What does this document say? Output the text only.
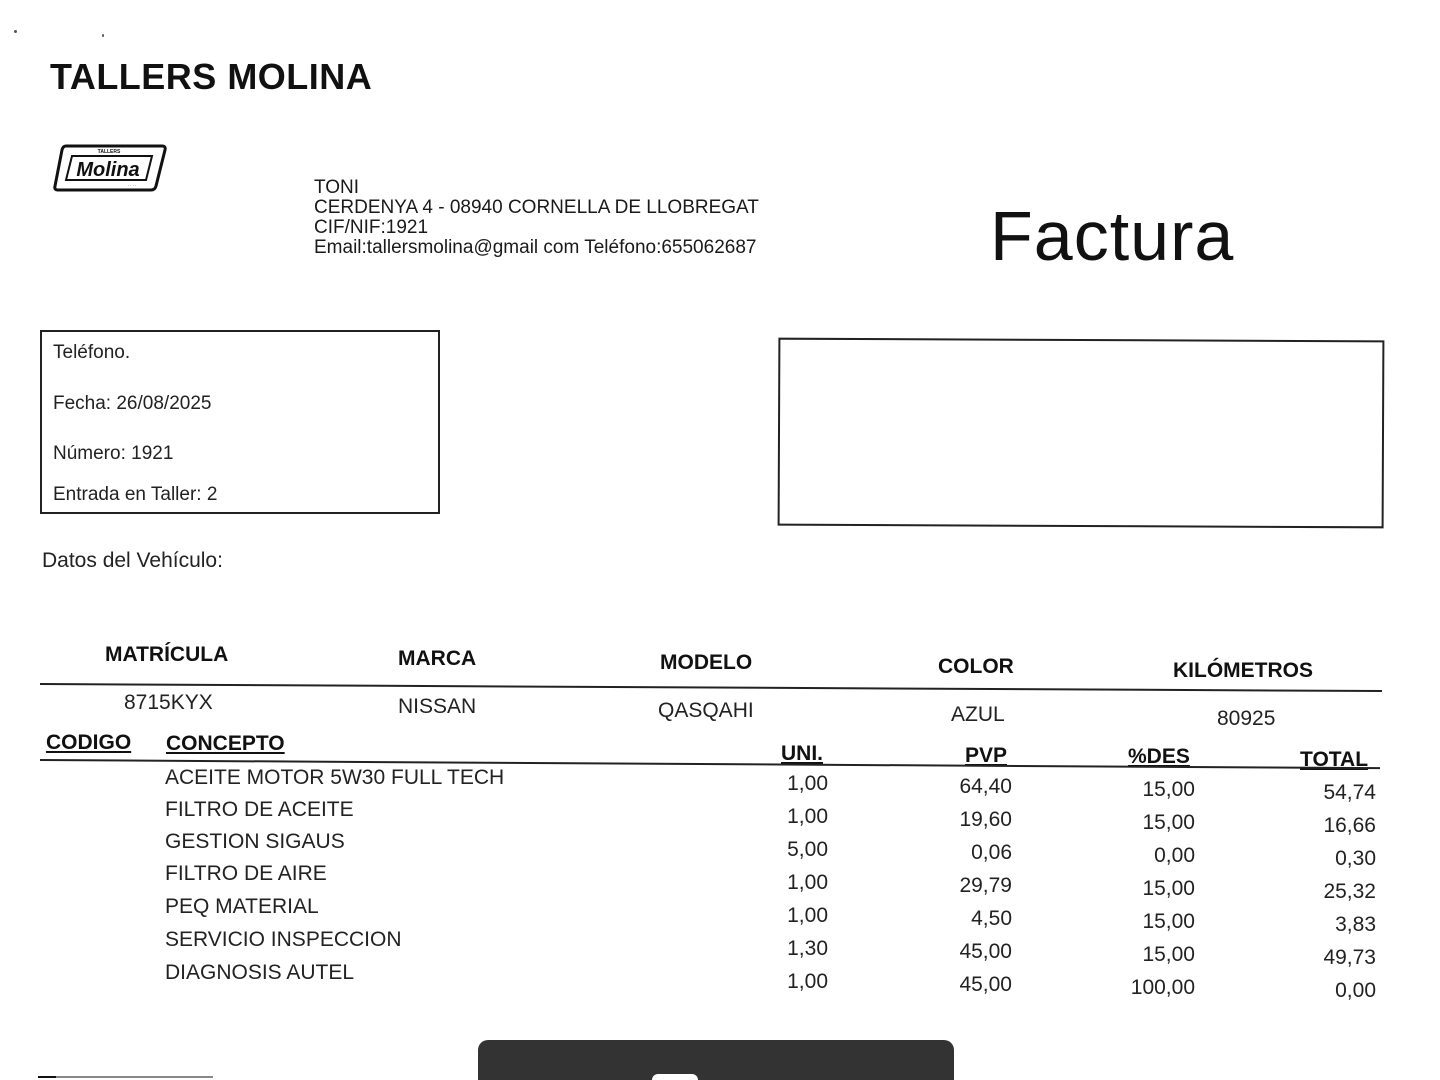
TALLERS MOLINA
TALLERS
Molina
· · · ·	TONI
CERDENYA 4 - 08940 CORNELLA DE LLOBREGAT
CIF/NIF:1921
Email:tallersmolina@gmail com Teléfono:655062687	Factura
Teléfono.
Fecha: 26/08/2025
Número: 1921
Entrada en Taller: 2
Datos del Vehículo:
MATRÍCULA	MARCA	MODELO	COLOR	KILÓMETROS
8715KYX	NISSAN	QASQAHI	AZUL	80925
CODIGO CONCEPTO	UNI.	PVP	%DES	TOTAL
ACEITE MOTOR 5W30 FULL TECH	1,00	64,40	15,00	54,74
FILTRO DE ACEITE	1,00	19,60	15,00	16,66
GESTION SIGAUS	5,00	0,06	0,00	0,30
FILTRO DE AIRE	1,00	29,79	15,00	25,32
PEQ MATERIAL	1,00	4,50	15,00	3,83
SERVICIO INSPECCION	1,30	45,00	15,00	49,73
DIAGNOSIS AUTEL	1,00	45,00	100,00	0,00
